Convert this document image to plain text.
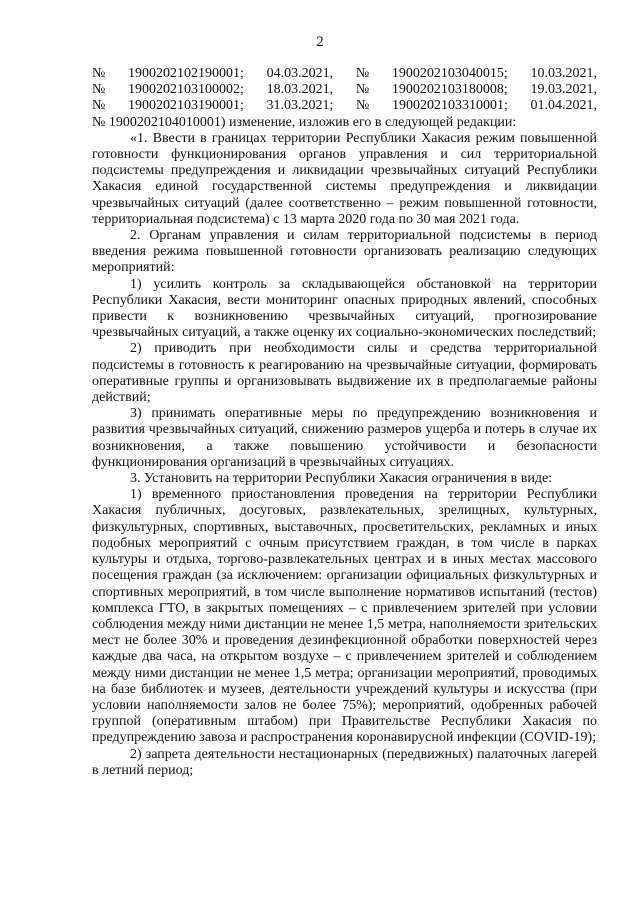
2
№ 1900202102190001; 04.03.2021, № 1900202103040015; 10.03.2021,
№ 1900202103100002; 18.03.2021, № 1900202103180008; 19.03.2021,
№ 1900202103190001; 31.03.2021; № 1900202103310001; 01.04.2021,
№ 1900202104010001) изменение, изложив его в следующей редакции:

«1. Ввести в границах территории Республики Хакасия режим повышенной готовности функционирования органов управления и сил территориальной подсистемы предупреждения и ликвидации чрезвычайных ситуаций Республики Хакасия единой государственной системы предупреждения и ликвидации чрезвычайных ситуаций (далее соответственно – режим повышенной готовности, территориальная подсистема) с 13 марта 2020 года по 30 мая 2021 года.

2. Органам управления и силам территориальной подсистемы в период введения режима повышенной готовности организовать реализацию следующих мероприятий:

1) усилить контроль за складывающейся обстановкой на территории Республики Хакасия, вести мониторинг опасных природных явлений, способных привести к возникновению чрезвычайных ситуаций, прогнозирование чрезвычайных ситуаций, а также оценку их социально-экономических последствий;

2) приводить при необходимости силы и средства территориальной подсистемы в готовность к реагированию на чрезвычайные ситуации, формировать оперативные группы и организовывать выдвижение их в предполагаемые районы действий;

3) принимать оперативные меры по предупреждению возникновения и развития чрезвычайных ситуаций, снижению размеров ущерба и потерь в случае их возникновения, а также повышению устойчивости и безопасности функционирования организаций в чрезвычайных ситуациях.

3. Установить на территории Республики Хакасия ограничения в виде:

1) временного приостановления проведения на территории Республики Хакасия публичных, досуговых, развлекательных, зрелищных, культурных, физкультурных, спортивных, выставочных, просветительских, рекламных и иных подобных мероприятий с очным присутствием граждан, в том числе в парках культуры и отдыха, торгово-развлекательных центрах и в иных местах массового посещения граждан (за исключением: организации официальных физкультурных и спортивных мероприятий, в том числе выполнение нормативов испытаний (тестов) комплекса ГТО, в закрытых помещениях – с привлечением зрителей при условии соблюдения между ними дистанции не менее 1,5 метра, наполняемости зрительских мест не более 30% и проведения дезинфекционной обработки поверхностей через каждые два часа, на открытом воздухе – с привлечением зрителей и соблюдением между ними дистанции не менее 1,5 метра; организации мероприятий, проводимых на базе библиотек и музеев, деятельности учреждений культуры и искусства (при условии наполняемости залов не более 75%); мероприятий, одобренных рабочей группой (оперативным штабом) при Правительстве Республики Хакасия по предупреждению завоза и распространения коронавирусной инфекции (COVID-19);

2) запрета деятельности нестационарных (передвижных) палаточных лагерей в летний период;
